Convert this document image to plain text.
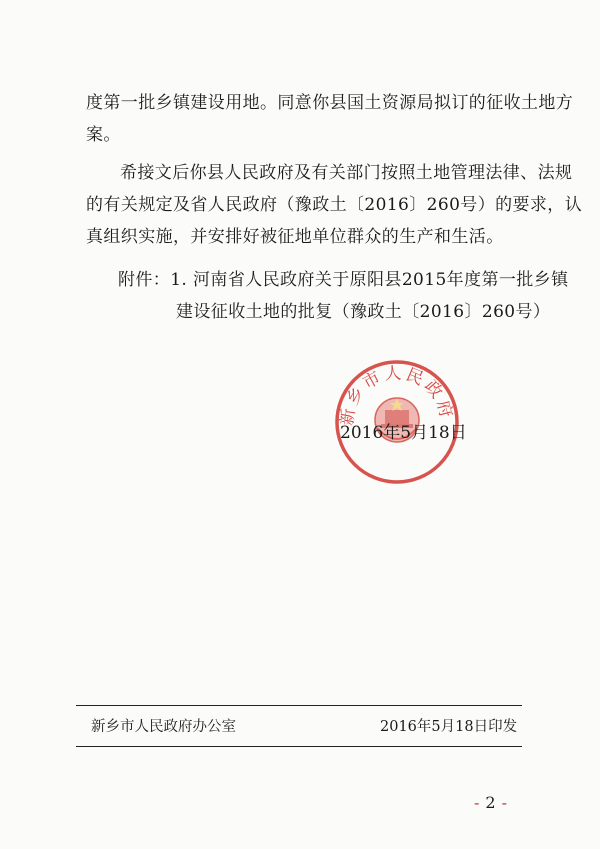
度第一批乡镇建设用地。同意你县国土资源局拟订的征收土地方
案。
希接文后你县人民政府及有关部门按照土地管理法律、法规
的有关规定及省人民政府（豫政土〔2016〕260号）的要求，认
真组织实施，并安排好被征地单位群众的生产和生活。
附件：1. 河南省人民政府关于原阳县2015年度第一批乡镇
建设征收土地的批复（豫政土〔2016〕260号）
新乡市人民政府
2016年5月18日
新乡市人民政府办公室	2016年5月18日印发
- 2 -
